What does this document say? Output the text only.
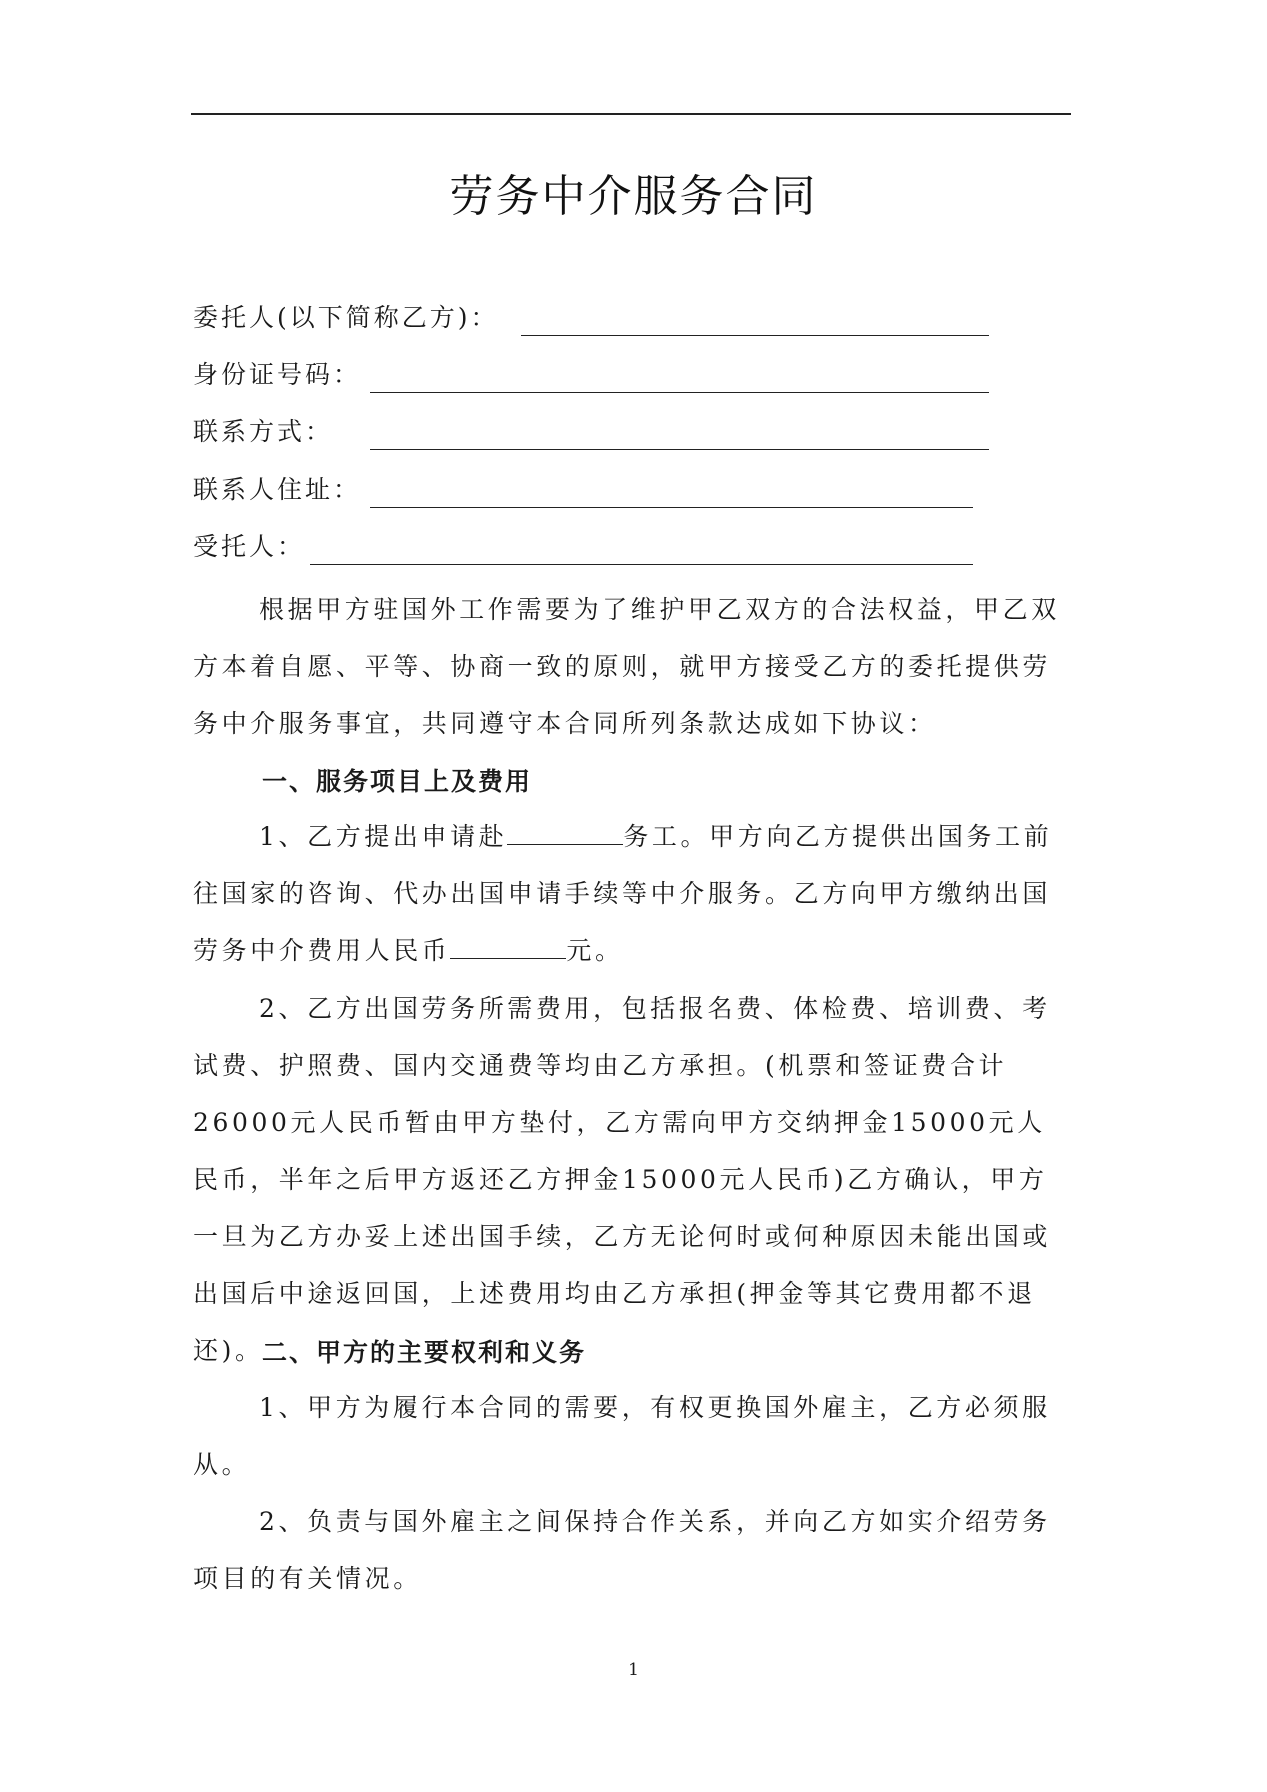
劳务中介服务合同
委托人(以下简称乙方)：
身份证号码：
联系方式：
联系人住址：
受托人：
根据甲方驻国外工作需要为了维护甲乙双方的合法权益，甲乙双方本着自愿、平等、协商一致的原则，就甲方接受乙方的委托提供劳务中介服务事宜，共同遵守本合同所列条款达成如下协议：
一、服务项目上及费用
1、乙方提出申请赴	务工。甲方向乙方提供出国务工前往国家的咨询、代办出国申请手续等中介服务。乙方向甲方缴纳出国劳务中介费用人民币	元。
2、乙方出国劳务所需费用，包括报名费、体检费、培训费、考试费、护照费、国内交通费等均由乙方承担。(机票和签证费合计26000元人民币暂由甲方垫付，乙方需向甲方交纳押金15000元人民币，半年之后甲方返还乙方押金15000元人民币)乙方确认，甲方一旦为乙方办妥上述出国手续，乙方无论何时或何种原因未能出国或出国后中途返回国，上述费用均由乙方承担(押金等其它费用都不退还)。
二、甲方的主要权利和义务
1、甲方为履行本合同的需要，有权更换国外雇主，乙方必须服从。
2、负责与国外雇主之间保持合作关系，并向乙方如实介绍劳务项目的有关情况。
1
